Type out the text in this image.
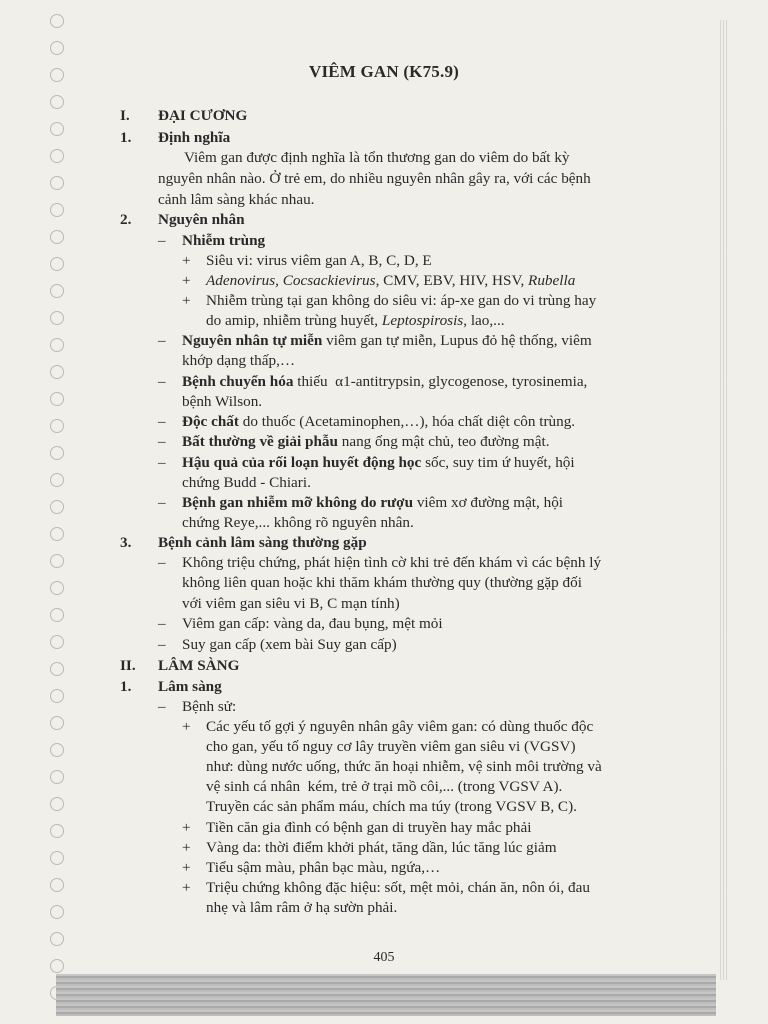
VIÊM GAN (K75.9)
I. ĐẠI CƯƠNG
1. Định nghĩa
Viêm gan được định nghĩa là tổn thương gan do viêm do bất kỳ
nguyên nhân nào. Ở trẻ em, do nhiều nguyên nhân gây ra, với các bệnh
cảnh lâm sàng khác nhau.
2. Nguyên nhân
– Nhiễm trùng
+ Siêu vi: virus viêm gan A, B, C, D, E
+ Adenovirus, Cocsackievirus, CMV, EBV, HIV, HSV, Rubella
+ Nhiễm trùng tại gan không do siêu vi: áp-xe gan do vi trùng hay
do amip, nhiễm trùng huyết, Leptospirosis, lao,...
– Nguyên nhân tự miễn viêm gan tự miễn, Lupus đỏ hệ thống, viêm
khớp dạng thấp,…
– Bệnh chuyển hóa thiếu  α1-antitrypsin, glycogenose, tyrosinemia,
bệnh Wilson.
– Độc chất do thuốc (Acetaminophen,…), hóa chất diệt côn trùng.
– Bất thường về giải phẫu nang ống mật chủ, teo đường mật.
– Hậu quả của rối loạn huyết động học sốc, suy tim ứ huyết, hội
chứng Budd - Chiari.
– Bệnh gan nhiễm mỡ không do rượu viêm xơ đường mật, hội
chứng Reye,... không rõ nguyên nhân.
3. Bệnh cảnh lâm sàng thường gặp
– Không triệu chứng, phát hiện tình cờ khi trẻ đến khám vì các bệnh lý
không liên quan hoặc khi thăm khám thường quy (thường gặp đối
với viêm gan siêu vi B, C mạn tính)
– Viêm gan cấp: vàng da, đau bụng, mệt mỏi
– Suy gan cấp (xem bài Suy gan cấp)
II. LÂM SÀNG
1. Lâm sàng
– Bệnh sử:
+ Các yếu tố gợi ý nguyên nhân gây viêm gan: có dùng thuốc độc
cho gan, yếu tố nguy cơ lây truyền viêm gan siêu vi (VGSV)
như: dùng nước uống, thức ăn hoại nhiễm, vệ sinh môi trường và
vệ sinh cá nhân  kém, trẻ ở trại mồ côi,... (trong VGSV A).
Truyền các sản phẩm máu, chích ma túy (trong VGSV B, C).
+ Tiền căn gia đình có bệnh gan di truyền hay mắc phải
+ Vàng da: thời điểm khởi phát, tăng dần, lúc tăng lúc giảm
+ Tiểu sậm màu, phân bạc màu, ngứa,…
+ Triệu chứng không đặc hiệu: sốt, mệt mỏi, chán ăn, nôn ói, đau
nhẹ và lâm râm ở hạ sườn phải.
405
